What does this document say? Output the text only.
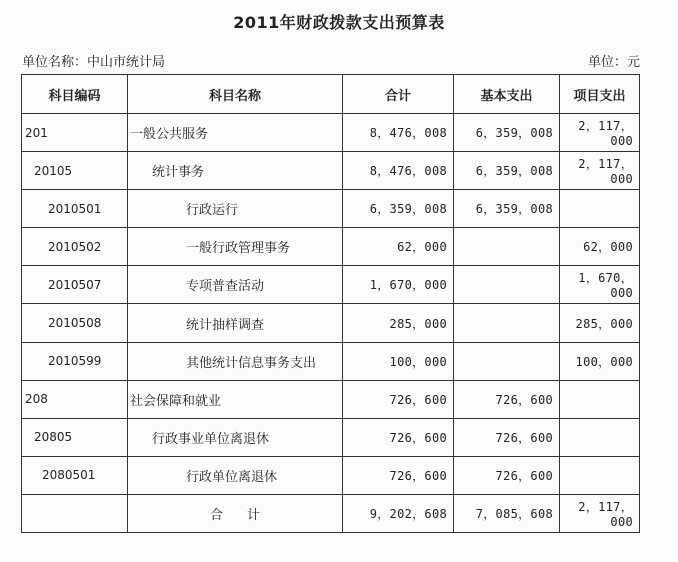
2011年财政拨款支出预算表
单位名称：中山市统计局	单位：元
科目编码	科目名称	合计	基本支出	项目支出
201	一般公共服务	8，476，008	6，359，008	2，117，000
20105	统计事务	8，476，008	6，359，008	2，117，000
2010501	行政运行	6，359，008	6，359，008	
2010502	一般行政管理事务	62，000		62，000
2010507	专项普查活动	1，670，000		1，670，000
2010508	统计抽样调查	285，000		285，000
2010599	其他统计信息事务支出	100，000		100，000
208	社会保障和就业	726，600	726，600	
20805	行政事业单位离退休	726，600	726，600	
2080501	行政单位离退休	726，600	726，600	
	合计	9，202，608	7，085，608	2，117，000
